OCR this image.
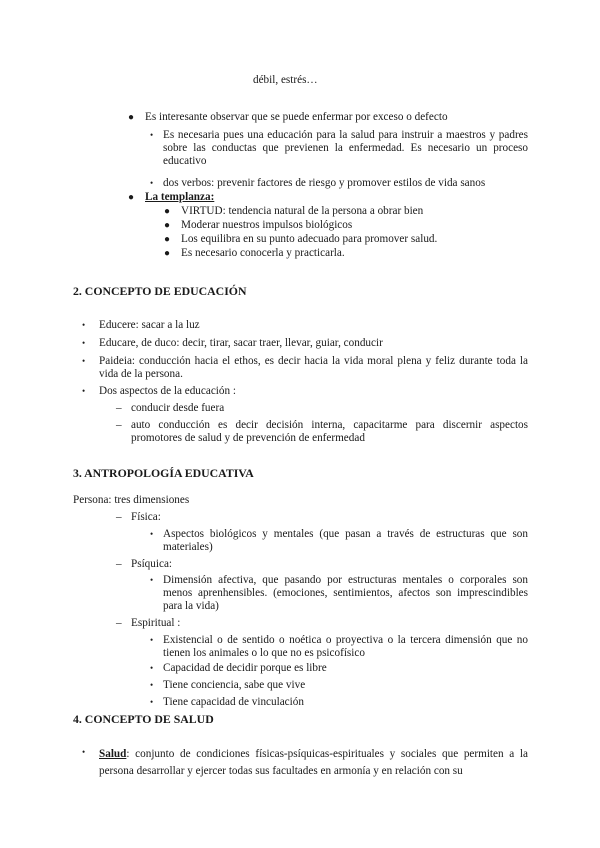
débil, estrés…
● Es interesante observar que se puede enfermar por exceso o defecto
• Es necesaria pues una educación para la salud para instruir a maestros y padres sobre las conductas que previenen la enfermedad. Es necesario un proceso educativo
• dos verbos: prevenir factores de riesgo y promover estilos de vida sanos
● La templanza:
● VIRTUD: tendencia natural de la persona a obrar bien
● Moderar nuestros impulsos biológicos
● Los equilibra en su punto adecuado para promover salud.
● Es necesario conocerla y practicarla.
2. CONCEPTO DE EDUCACIÓN
• Educere: sacar a la luz
• Educare, de duco: decir, tirar, sacar traer, llevar, guiar, conducir
• Paideia: conducción hacia el ethos, es decir hacia la vida moral plena y feliz durante toda la vida de la persona.
• Dos aspectos de la educación :
– conducir desde fuera
– auto conducción es decir decisión interna, capacitarme para discernir aspectos promotores de salud y de prevención de enfermedad
3. ANTROPOLOGÍA EDUCATIVA
Persona: tres dimensiones
– Física:
• Aspectos biológicos y mentales (que pasan a través de estructuras que son materiales)
– Psíquica:
• Dimensión afectiva, que pasando por estructuras mentales o corporales son menos aprenhensibles. (emociones, sentimientos, afectos son imprescindibles para la vida)
– Espiritual :
• Existencial o de sentido o noética o proyectiva o la tercera dimensión que no tienen los animales o lo que no es psicofísico
• Capacidad de decidir porque es libre
• Tiene conciencia, sabe que vive
• Tiene capacidad de vinculación
4. CONCEPTO DE SALUD
• Salud: conjunto de condiciones físicas-psíquicas-espirituales y sociales que permiten a la persona desarrollar y ejercer todas sus facultades en armonía y en relación con su
